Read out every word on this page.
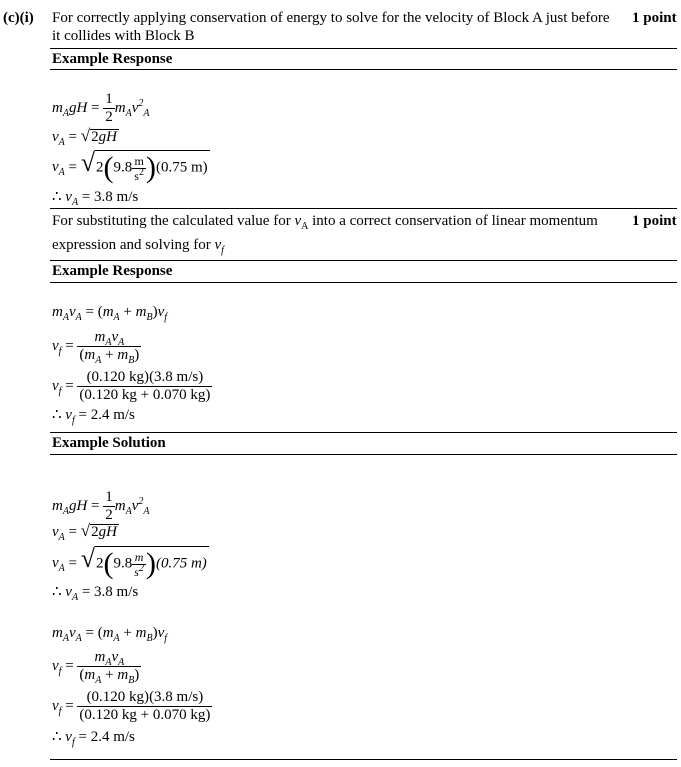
(c)(i) For correctly applying conservation of energy to solve for the velocity of Block A just before
it collides with Block B
1 point
Example Response
$m_AgH = \frac{1}{2} m_Av^2_A$
$v_A = √2gH$
$v_A = √2(9.8 \frac{m}{s^2} )(0.75$ m)
∴ $v_A = 3.8$ m/s
For substituting the calculated value for $v_A$ into a correct conservation of linear momentum 1 point
expression and solving for $v_f$
Example Response
$m_Av_A = (m_A + m_B)v_f$
$v_f = \frac{m_Av_A}{(m_A + m_B)}$
$v_f = \frac{(0.120 kg)(3.8 m/s)}{(0.120 kg + 0.070 kg)}$
∴ $v_f = 2.4$ m/s
Example Solution
$m_AgH = \frac{1}{2} m_Av^2_A$
$v_A = √2gH$
$v_A = √2(9.8 \frac{m}{s^2} )(0.75$ m)
∴ $v_A = 3.8$ m/s
$m_Av_A = (m_A + m_B)v_f$
$v_f = \frac{m_Av_A}{(m_A + m_B)}$
$v_f = \frac{(0.120 kg)(3.8 m/s)}{(0.120 kg + 0.070 kg)}$
∴ $v_f = 2.4$ m/s
